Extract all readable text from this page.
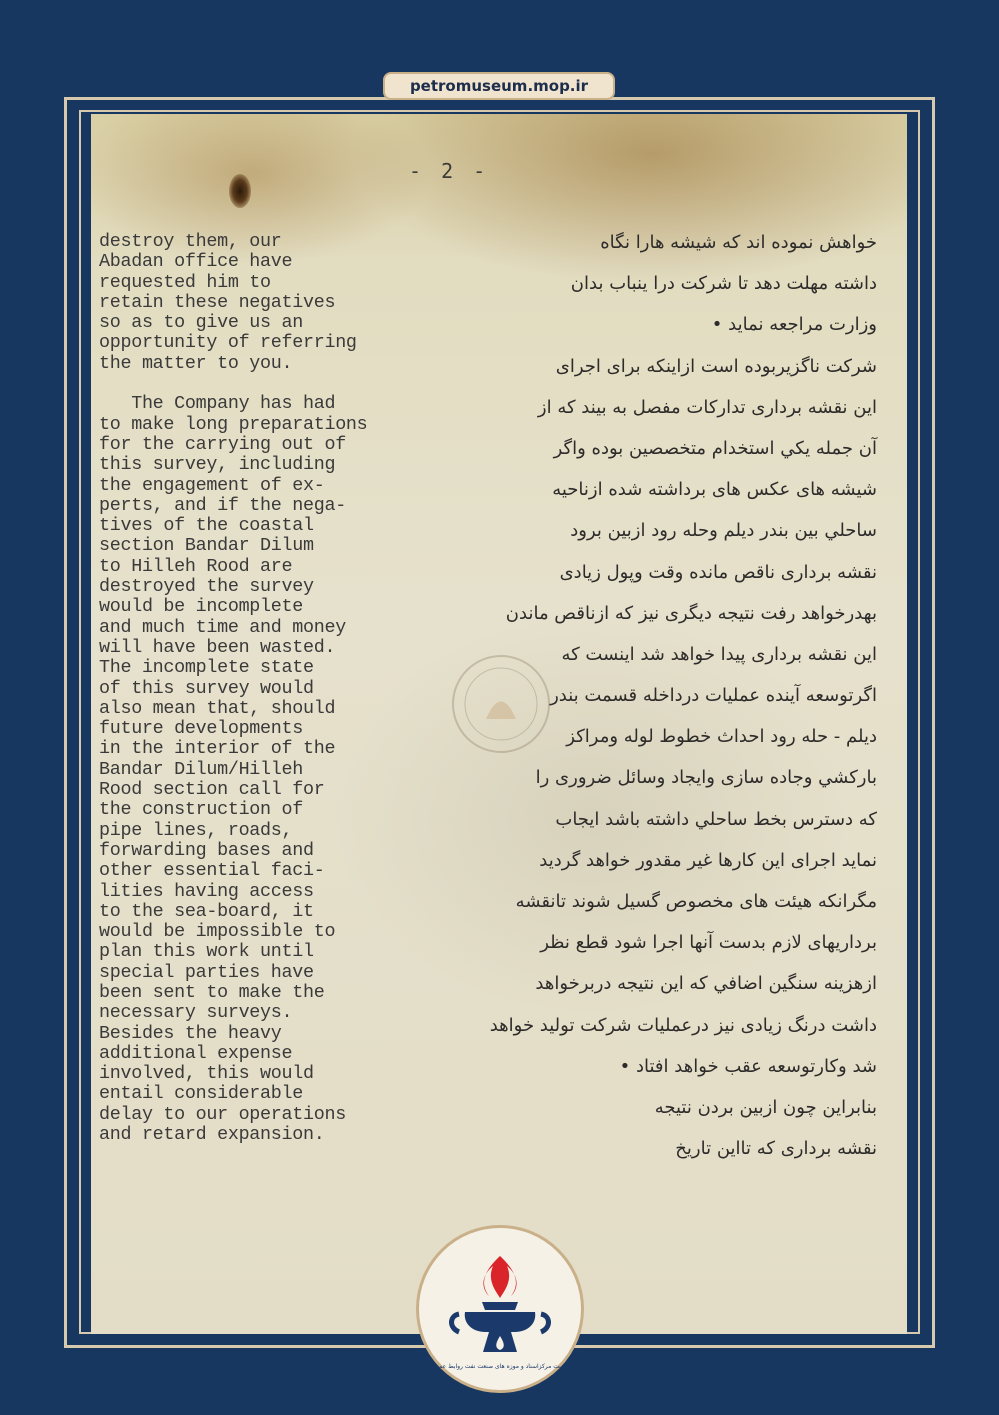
petromuseum.mop.ir
- 2 -
destroy them, our
Abadan office have
requested him to
retain these negatives
so as to give us an
opportunity of referring
the matter to you.
The Company has had
to make long preparations
for the carrying out of
this survey, including
the engagement of ex-
perts, and if the nega-
tives of the coastal
section Bandar Dilum
to Hilleh Rood are
destroyed the survey
would be incomplete
and much time and money
will have been wasted.
The incomplete state
of this survey would
also mean that, should
future developments
in the interior of the
Bandar Dilum/Hilleh
Rood section call for
the construction of
pipe lines, roads,
forwarding bases and
other essential faci-
lities having access
to the sea-board, it
would be impossible to
plan this work until
special parties have
been sent to make the
necessary surveys.
Besides the heavy
additional expense
involved, this would
entail considerable
delay to our operations
and retard expansion.
خواهش نموده اند که شیشه هارا نگاه
داشته مهلت دهد تا شرکت درا ینباب بدان
وزارت مراجعه نماید •
شرکت ناگزیربوده است ازاینکه برای اجرای
این نقشه برداری تدارکات مفصل به بیند که از
آن جمله يکي استخدام متخصصین بوده واگر
شیشه های عکس های برداشته شده ازناحیه
ساحلي بین بندر دیلم وحله رود ازبین برود
نقشه برداری ناقص مانده وقت وپول زیادی
بهدرخواهد رفت نتیجه دیگری نیز که ازناقص ماندن
این نقشه برداری پیدا خواهد شد اینست که
اگرتوسعه آینده عملیات درداخله قسمت بندر
دیلم - حله رود احداث خطوط لوله ومراکز
بارکشي وجاده سازی وایجاد وسائل ضروری را
که دسترس بخط ساحلي داشته باشد ایجاب
نماید اجرای این کارها غیر مقدور خواهد گردید
مگرانکه هیئت های مخصوص گسیل شوند تانقشه
برداریهای لازم بدست آنها اجرا شود قطع نظر
ازهزینه سنگین اضافي که این نتیجه دربرخواهد
داشت درنگ زیادی نیز درعملیات شرکت تولید خواهد
شد وکارتوسعه عقب خواهد افتاد •
بنابراین چون ازبین بردن نتیجه
نقشه برداری که تااین تاریخ
مدیریت مرکزاسناد و موزه های صنعت نفت روابط عمومی
